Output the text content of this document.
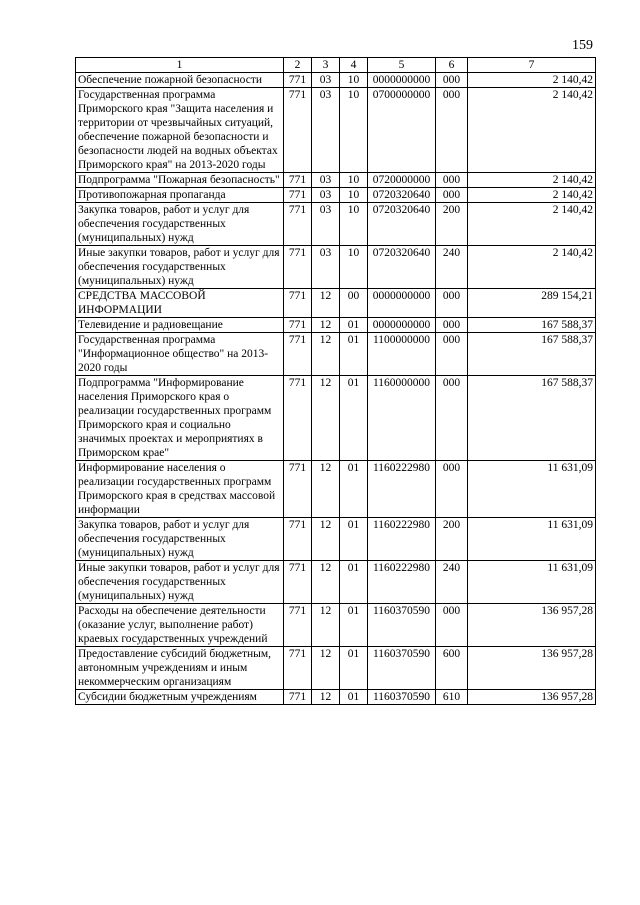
159
1	2	3	4	5	6	7
Обеспечение пожарной безопасности	771	03	10	0000000000	000	2 140,42
Государственная программа Приморского края "Защита населения и территории от чрезвычайных ситуаций, обеспечение пожарной безопасности и безопасности людей на водных объектах Приморского края" на 2013-2020 годы	771	03	10	0700000000	000	2 140,42
Подпрограмма "Пожарная безопасность"	771	03	10	0720000000	000	2 140,42
Противопожарная пропаганда	771	03	10	0720320640	000	2 140,42
Закупка товаров, работ и услуг для обеспечения государственных (муниципальных) нужд	771	03	10	0720320640	200	2 140,42
Иные закупки товаров, работ и услуг для обеспечения государственных (муниципальных) нужд	771	03	10	0720320640	240	2 140,42
СРЕДСТВА МАССОВОЙ ИНФОРМАЦИИ	771	12	00	0000000000	000	289 154,21
Телевидение и радиовещание	771	12	01	0000000000	000	167 588,37
Государственная программа "Информационное общество" на 2013-2020 годы	771	12	01	1100000000	000	167 588,37
Подпрограмма "Информирование населения Приморского края о реализации государственных программ Приморского края и социально значимых проектах и мероприятиях в Приморском крае"	771	12	01	1160000000	000	167 588,37
Информирование населения о реализации государственных программ Приморского края в средствах массовой информации	771	12	01	1160222980	000	11 631,09
Закупка товаров, работ и услуг для обеспечения государственных (муниципальных) нужд	771	12	01	1160222980	200	11 631,09
Иные закупки товаров, работ и услуг для обеспечения государственных (муниципальных) нужд	771	12	01	1160222980	240	11 631,09
Расходы на обеспечение деятельности (оказание услуг, выполнение работ) краевых государственных учреждений	771	12	01	1160370590	000	136 957,28
Предоставление субсидий бюджетным, автономным учреждениям и иным некоммерческим организациям	771	12	01	1160370590	600	136 957,28
Субсидии бюджетным учреждениям	771	12	01	1160370590	610	136 957,28
